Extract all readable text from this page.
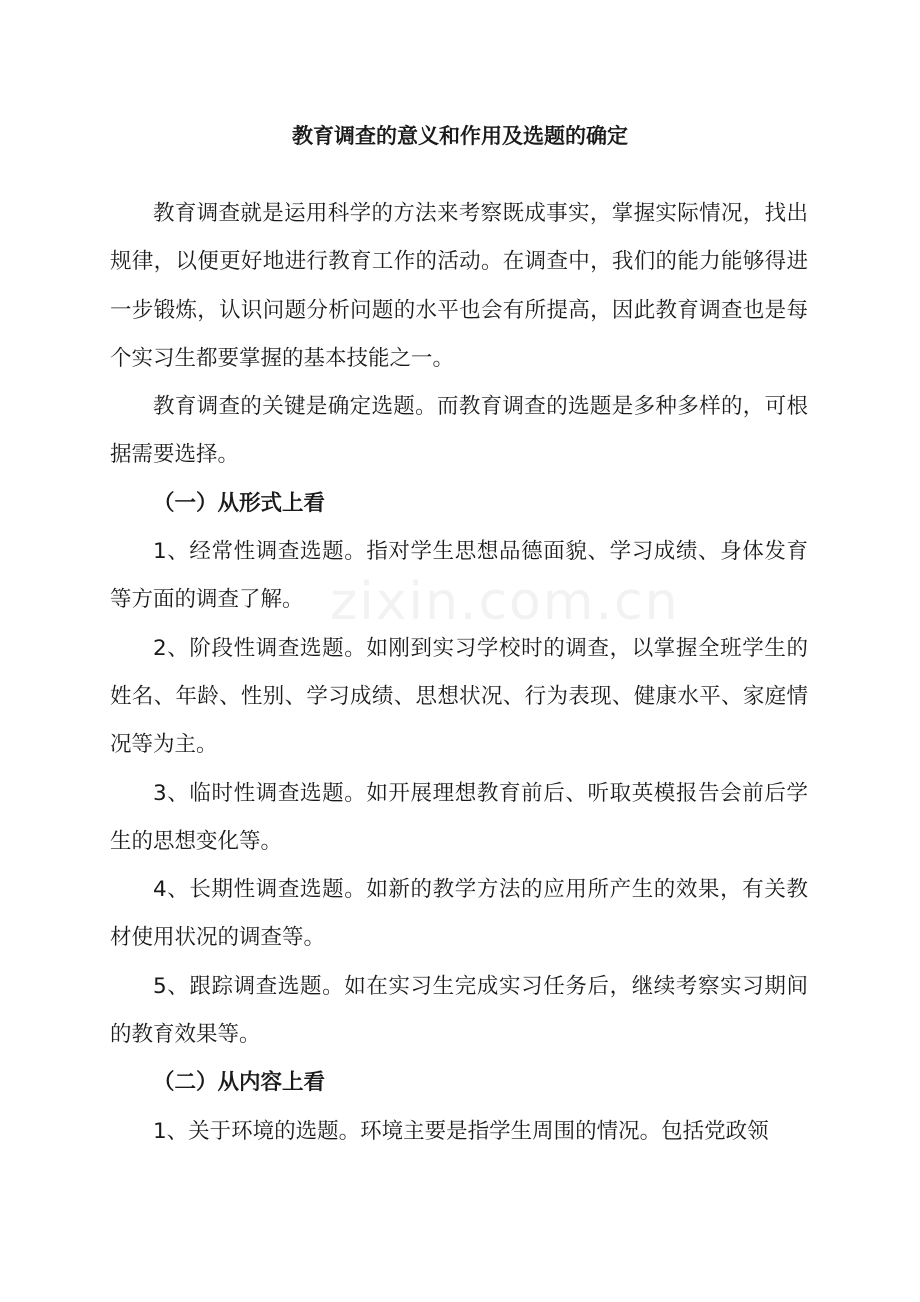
教育调查的意义和作用及选题的确定

教育调查就是运用科学的方法来考察既成事实，掌握实际情况，找出规律，以便更好地进行教育工作的活动。在调查中，我们的能力能够得进一步锻炼，认识问题分析问题的水平也会有所提高，因此教育调查也是每个实习生都要掌握的基本技能之一。

教育调查的关键是确定选题。而教育调查的选题是多种多样的，可根据需要选择。

（一）从形式上看

1、经常性调查选题。指对学生思想品德面貌、学习成绩、身体发育等方面的调查了解。

2、阶段性调查选题。如刚到实习学校时的调查，以掌握全班学生的姓名、年龄、性别、学习成绩、思想状况、行为表现、健康水平、家庭情况等为主。

3、临时性调查选题。如开展理想教育前后、听取英模报告会前后学生的思想变化等。

4、长期性调查选题。如新的教学方法的应用所产生的效果，有关教材使用状况的调查等。

5、跟踪调查选题。如在实习生完成实习任务后，继续考察实习期间的教育效果等。

（二）从内容上看

1、关于环境的选题。环境主要是指学生周围的情况。包括党政领

zixin.com.cn
